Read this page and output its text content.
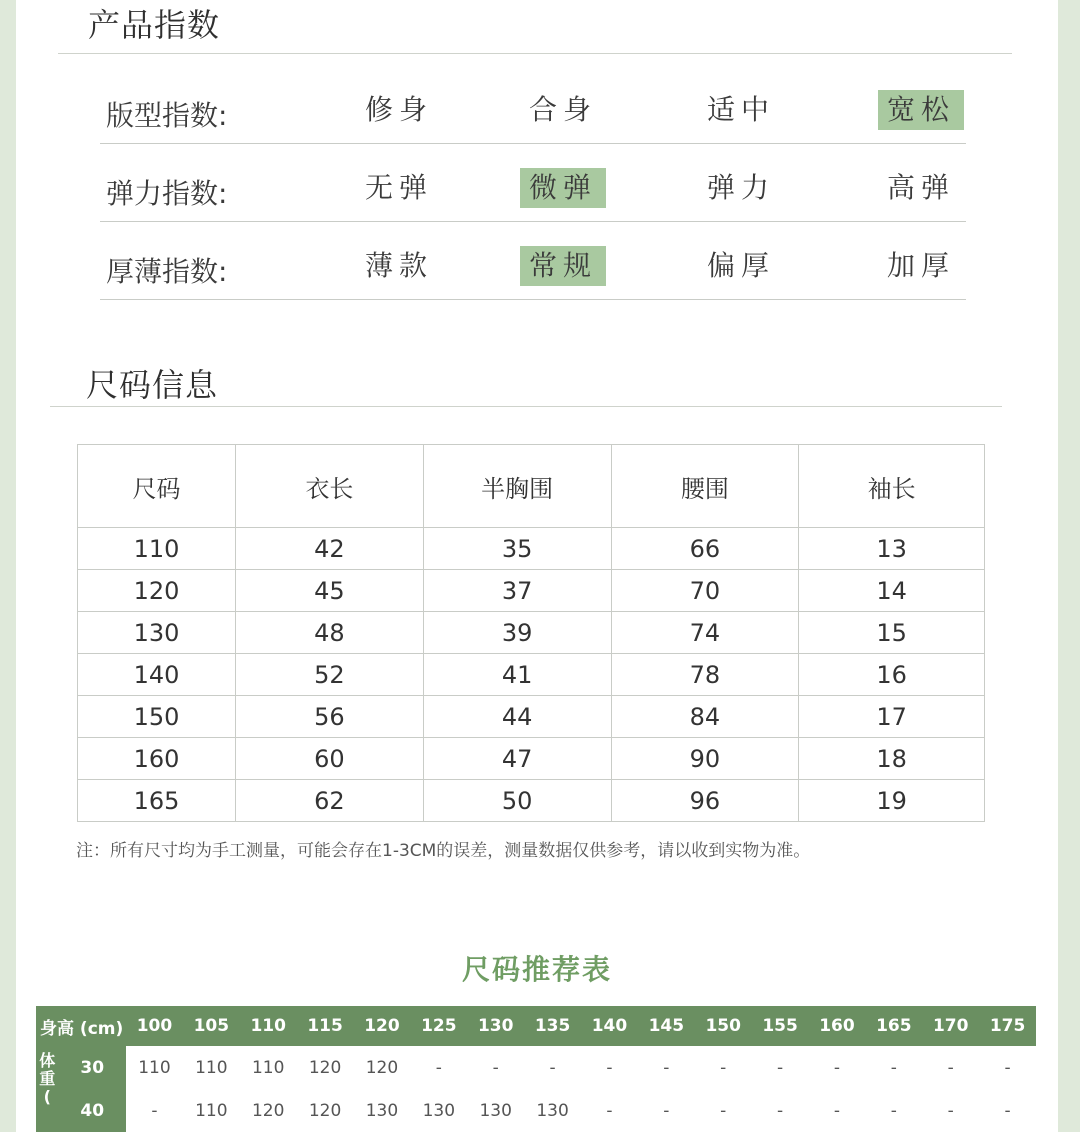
产品指数
版型指数:	修身	合身	适中	宽松
弹力指数:	无弹	微弹	弹力	高弹
厚薄指数:	薄款	常规	偏厚	加厚
尺码信息
尺码	衣长	半胸围	腰围	袖长
110	42	35	66	13
120	45	37	70	14
130	48	39	74	15
140	52	41	78	16
150	56	44	84	17
160	60	47	90	18
165	62	50	96	19
注：所有尺寸均为手工测量，可能会存在1-3CM的误差，测量数据仅供参考，请以收到实物为准。
尺码推荐表
身高 (cm)		100	105	110	115	120	125	130	135	140	145	150	155	160	165	170	175
体重(	30	110	110	110	120	120	-	-	-	-	-	-	-	-	-	-	-
	40	-	110	120	120	130	130	130	130	-	-	-	-	-	-	-	-
